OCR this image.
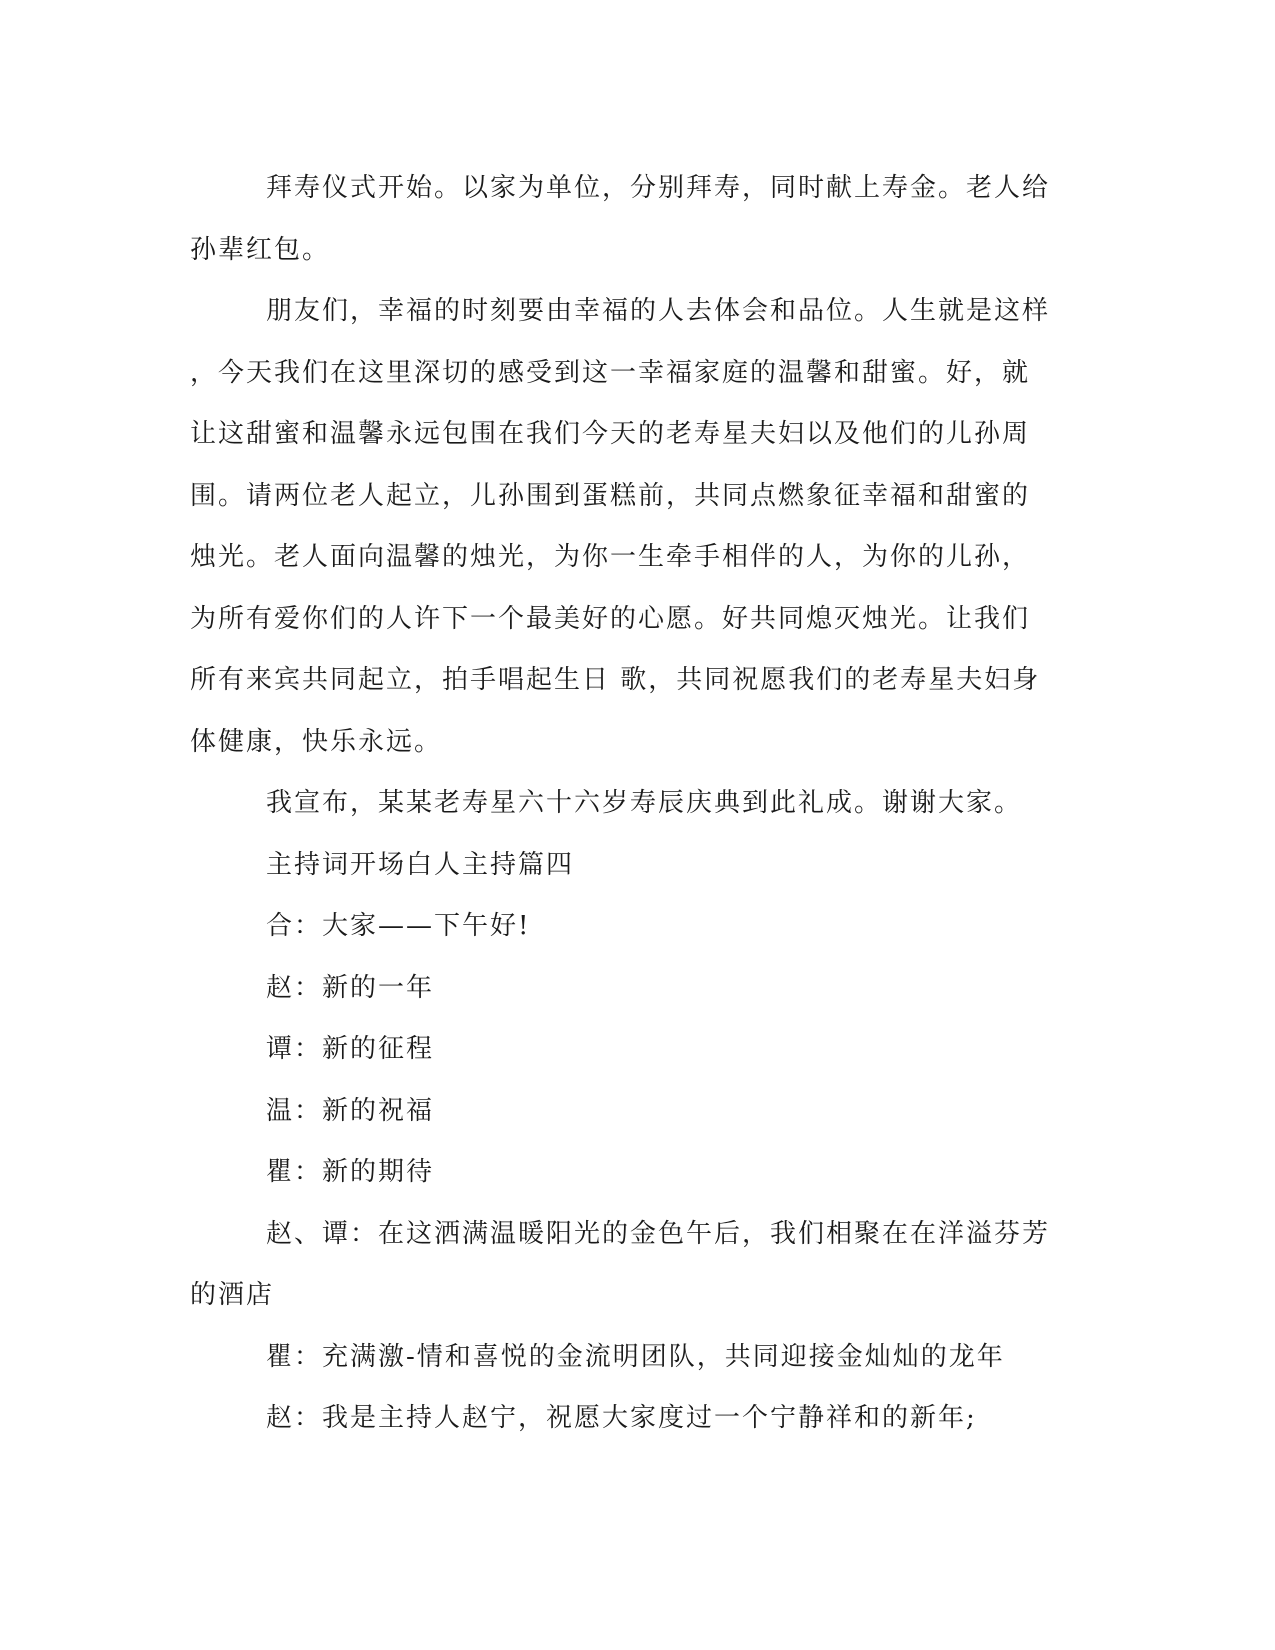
拜寿仪式开始。以家为单位，分别拜寿，同时献上寿金。老人给
孙辈红包。
朋友们，幸福的时刻要由幸福的人去体会和品位。人生就是这样
，今天我们在这里深切的感受到这一幸福家庭的温馨和甜蜜。好，就
让这甜蜜和温馨永远包围在我们今天的老寿星夫妇以及他们的儿孙周
围。请两位老人起立，儿孙围到蛋糕前，共同点燃象征幸福和甜蜜的
烛光。老人面向温馨的烛光，为你一生牵手相伴的人，为你的儿孙，
为所有爱你们的人许下一个最美好的心愿。好共同熄灭烛光。让我们
所有来宾共同起立，拍手唱起生日 歌，共同祝愿我们的老寿星夫妇身
体健康，快乐永远。
我宣布，某某老寿星六十六岁寿辰庆典到此礼成。谢谢大家。
主持词开场白人主持篇四
合：大家——下午好!
赵：新的一年
谭：新的征程
温：新的祝福
瞿：新的期待
赵、谭：在这洒满温暖阳光的金色午后，我们相聚在在洋溢芬芳
的酒店
瞿：充满激-情和喜悦的金流明团队，共同迎接金灿灿的龙年
赵：我是主持人赵宁，祝愿大家度过一个宁静祥和的新年;
